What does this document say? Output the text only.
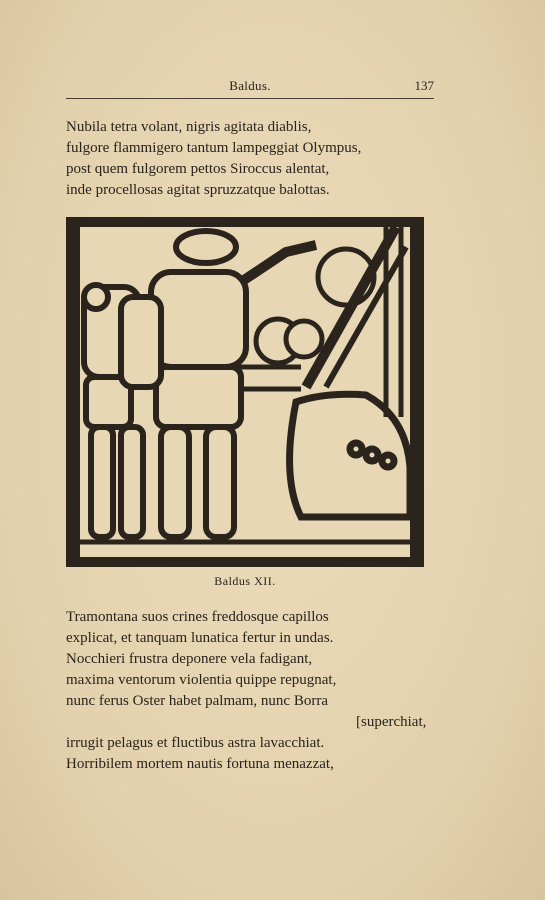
Baldus.	137
Nubila tetra volant, nigris agitata diablis,
fulgore flammigero tantum lampeggiat Olympus,
post quem fulgorem pettos Siroccus alentat,
inde procellosas agitat spruzzatque balottas.
Baldus XII.
Tramontana suos crines freddosque capillos
explicat, et tanquam lunatica fertur in undas.
Nocchieri frustra deponere vela fadigant,
maxima ventorum violentia quippe repugnat,
nunc ferus Oster habet palmam, nunc Borra
[superchiat,
irrugit pelagus et fluctibus astra lavacchiat.
Horribilem mortem nautis fortuna menazzat,
